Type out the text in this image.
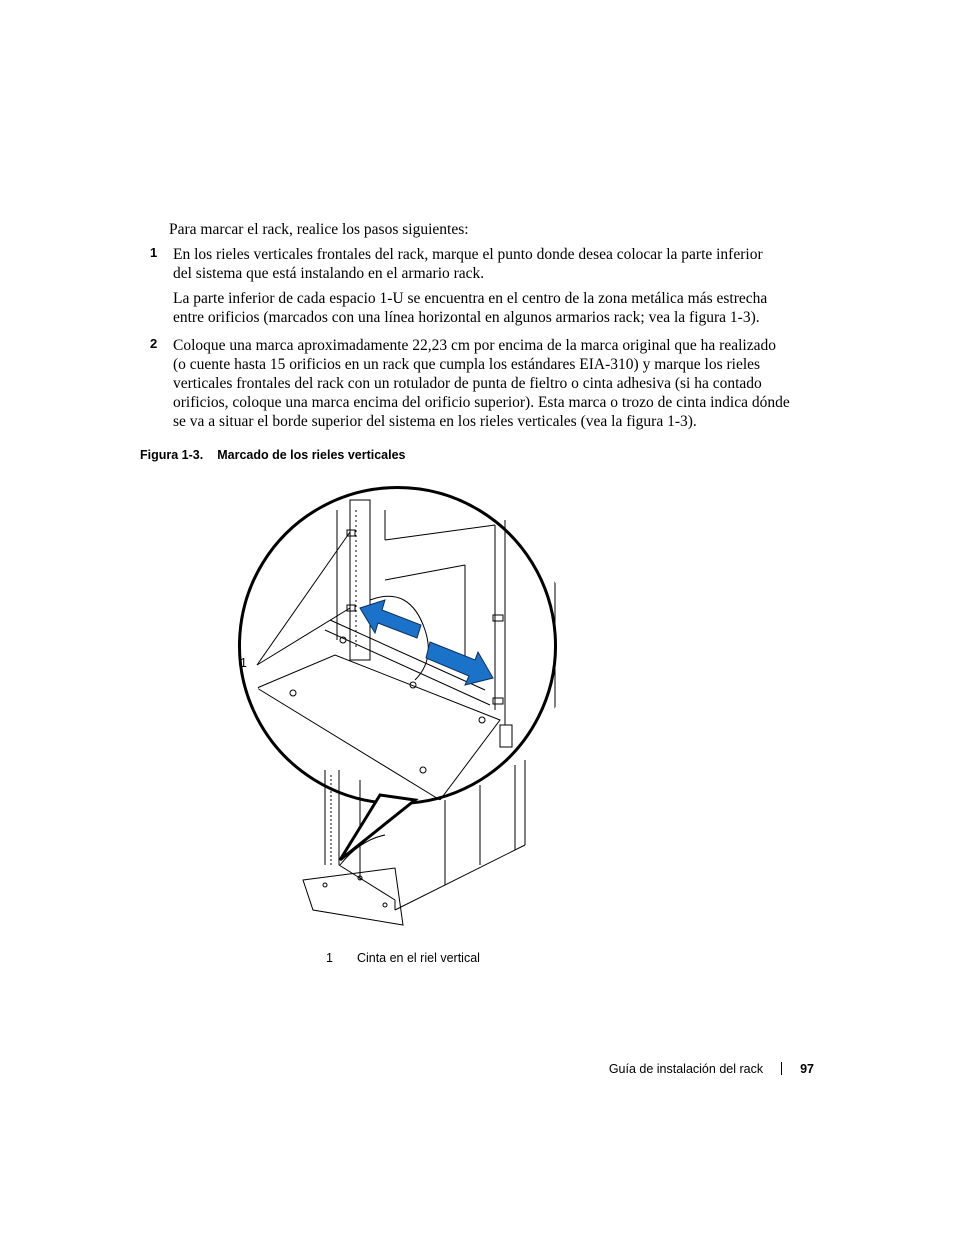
Para marcar el rack, realice los pasos siguientes:
1 En los rieles verticales frontales del rack, marque el punto donde desea colocar la parte inferior

del sistema que está instalando en el armario rack.

La parte inferior de cada espacio 1-U se encuentra en el centro de la zona metálica más estrecha

entre orificios (marcados con una línea horizontal en algunos armarios rack; vea la figura 1-3).

2 Coloque una marca aproximadamente 22,23 cm por encima de la marca original que ha realizado

(o cuente hasta 15 orificios en un rack que cumpla los estándares EIA-310) y marque los rieles

verticales frontales del rack con un rotulador de punta de fieltro o cinta adhesiva (si ha contado

orificios, coloque una marca encima del orificio superior). Esta marca o trozo de cinta indica dónde

se va a situar el borde superior del sistema en los rieles verticales (vea la figura 1-3).

Figura 1-3. Marcado de los rieles verticales
1
1 Cinta en el riel vertical
Guía de instalación del rack	97
